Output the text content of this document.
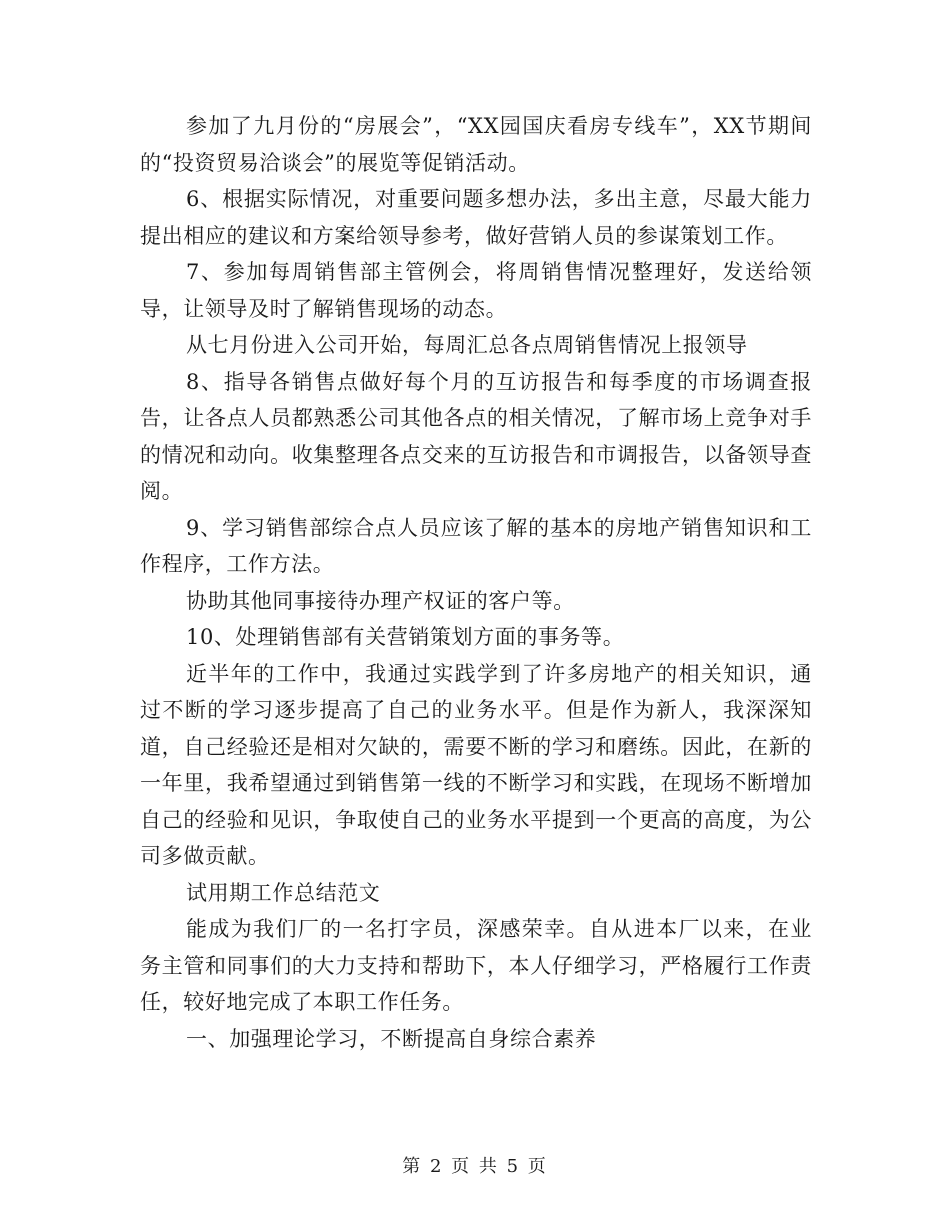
参加了九月份的“房展会”，“XX园国庆看房专线车”，XX节期间的“投资贸易洽谈会”的展览等促销活动。

6、根据实际情况，对重要问题多想办法，多出主意，尽最大能力提出相应的建议和方案给领导参考，做好营销人员的参谋策划工作。

7、参加每周销售部主管例会，将周销售情况整理好，发送给领导，让领导及时了解销售现场的动态。

从七月份进入公司开始，每周汇总各点周销售情况上报领导

8、指导各销售点做好每个月的互访报告和每季度的市场调查报告，让各点人员都熟悉公司其他各点的相关情况，了解市场上竞争对手的情况和动向。收集整理各点交来的互访报告和市调报告，以备领导查阅。

9、学习销售部综合点人员应该了解的基本的房地产销售知识和工作程序，工作方法。

协助其他同事接待办理产权证的客户等。

10、处理销售部有关营销策划方面的事务等。

近半年的工作中，我通过实践学到了许多房地产的相关知识，通过不断的学习逐步提高了自己的业务水平。但是作为新人，我深深知道，自己经验还是相对欠缺的，需要不断的学习和磨练。因此，在新的一年里，我希望通过到销售第一线的不断学习和实践，在现场不断增加自己的经验和见识，争取使自己的业务水平提到一个更高的高度，为公司多做贡献。

试用期工作总结范文

能成为我们厂的一名打字员，深感荣幸。自从进本厂以来，在业务主管和同事们的大力支持和帮助下，本人仔细学习，严格履行工作责任，较好地完成了本职工作任务。

一、加强理论学习，不断提高自身综合素养

第 2 页 共 5 页
